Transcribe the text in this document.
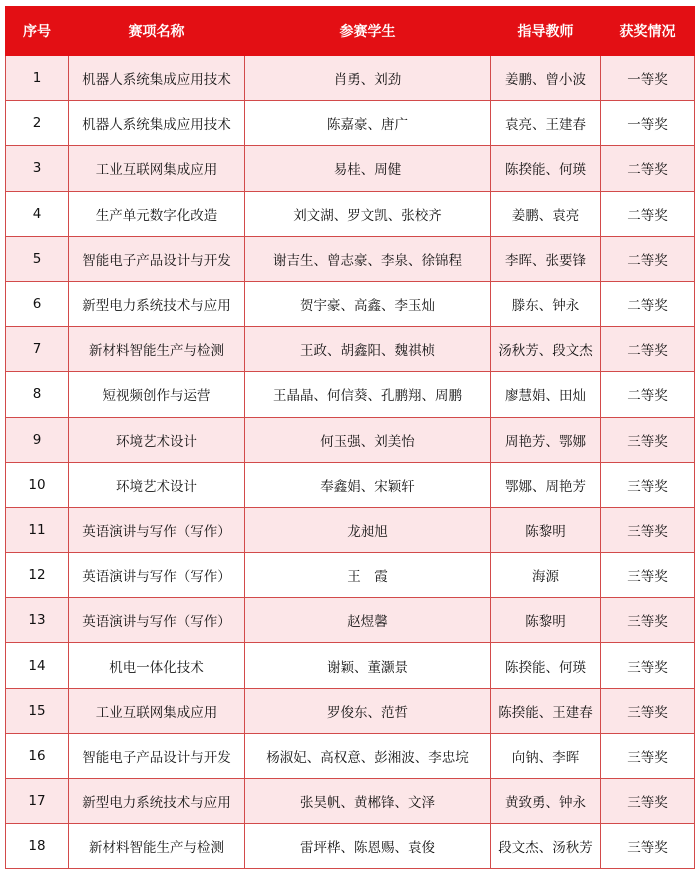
序号	赛项名称	参赛学生	指导教师	获奖情况
1	机器人系统集成应用技术	肖勇、刘劲	姜鹏、曾小波	一等奖
2	机器人系统集成应用技术	陈嘉豪、唐广	袁亮、王建春	一等奖
3	工业互联网集成应用	易桂、周健	陈揆能、何瑛	二等奖
4	生产单元数字化改造	刘文湖、罗文凯、张校齐	姜鹏、袁亮	二等奖
5	智能电子产品设计与开发	谢吉生、曾志豪、李泉、徐锦程	李晖、张要锋	二等奖
6	新型电力系统技术与应用	贺宇豪、高鑫、李玉灿	滕东、钟永	二等奖
7	新材料智能生产与检测	王政、胡鑫阳、魏祺桢	汤秋芳、段文杰	二等奖
8	短视频创作与运营	王晶晶、何信葵、孔鹏翔、周鹏	廖慧娟、田灿	二等奖
9	环境艺术设计	何玉强、刘美怡	周艳芳、鄂娜	三等奖
10	环境艺术设计	奉鑫娟、宋颖轩	鄂娜、周艳芳	三等奖
11	英语演讲与写作（写作）	龙昶旭	陈黎明	三等奖
12	英语演讲与写作（写作）	王　霞	海源	三等奖
13	英语演讲与写作（写作）	赵煜馨	陈黎明	三等奖
14	机电一体化技术	谢颖、董灏景	陈揆能、何瑛	三等奖
15	工业互联网集成应用	罗俊东、范哲	陈揆能、王建春	三等奖
16	智能电子产品设计与开发	杨淑妃、高权意、彭湘波、李忠垸	向钠、李晖	三等奖
17	新型电力系统技术与应用	张昊帆、黄郴锋、文泽	黄致勇、钟永	三等奖
18	新材料智能生产与检测	雷坪桦、陈恩赐、袁俊	段文杰、汤秋芳	三等奖
